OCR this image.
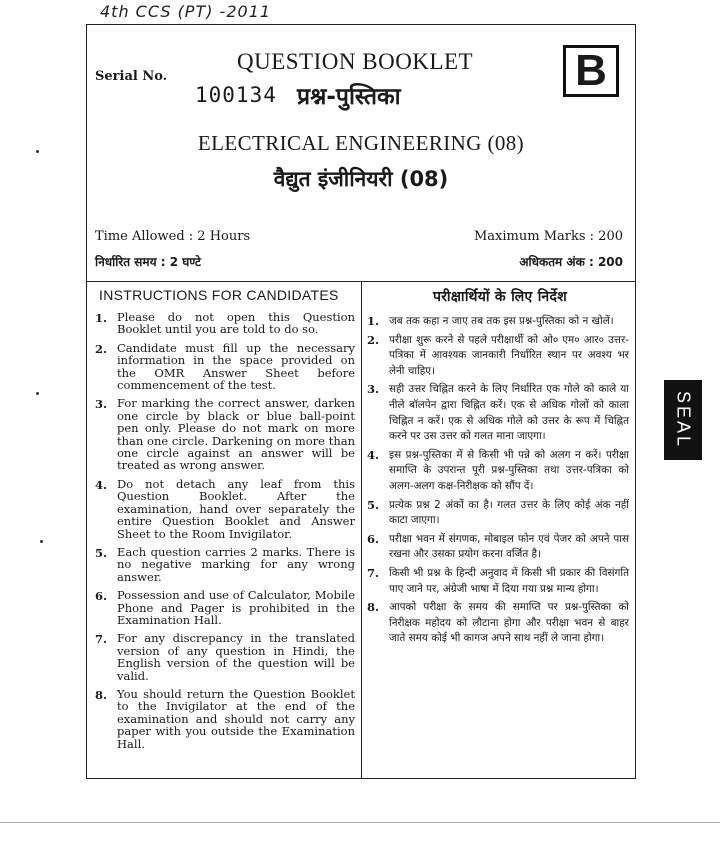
4th CCS (PT) -2011
Serial No.
QUESTION BOOKLET
100134 प्रश्न-पुस्तिका
B
ELECTRICAL ENGINEERING (08)
वैद्युत इंजीनियरी (08)
Time Allowed : 2 Hours
निर्धारित समय : 2 घण्टे
Maximum Marks : 200
अधिकतम अंक : 200
INSTRUCTIONS FOR CANDIDATES
1. Please do not open this Question Booklet until you are told to do so.
2. Candidate must fill up the necessary information in the space provided on the OMR Answer Sheet before commencement of the test.
3. For marking the correct answer, darken one circle by black or blue ball-point pen only. Please do not mark on more than one circle. Darkening on more than one circle against an answer will be treated as wrong answer.
4. Do not detach any leaf from this Question Booklet. After the examination, hand over separately the entire Question Booklet and Answer Sheet to the Room Invigilator.
5. Each question carries 2 marks. There is no negative marking for any wrong answer.
6. Possession and use of Calculator, Mobile Phone and Pager is prohibited in the Examination Hall.
7. For any discrepancy in the translated version of any question in Hindi, the English version of the question will be valid.
8. You should return the Question Booklet to the Invigilator at the end of the examination and should not carry any paper with you outside the Examination Hall.
परीक्षार्थियों के लिए निर्देश
1. जब तक कहा न जाए तब तक इस प्रश्न-पुस्तिका को न खोलें।
2. परीक्षा शुरू करने से पहले परीक्षार्थी को ओ० एम० आर० उत्तर-पत्रिका में आवश्यक जानकारी निर्धारित स्थान पर अवश्य भर लेनी चाहिए।
3. सही उत्तर चिह्नित करने के लिए निर्धारित एक गोले को काले या नीले बॉलपेन द्वारा चिह्नित करें। एक से अधिक गोलों को काला चिह्नित न करें। एक से अधिक गोले को उत्तर के रूप में चिह्नित करने पर उस उत्तर को गलत माना जाएगा।
4. इस प्रश्न-पुस्तिका में से किसी भी पन्ने को अलग न करें। परीक्षा समाप्ति के उपरान्त पूरी प्रश्न-पुस्तिका तथा उत्तर-पत्रिका को अलग-अलग कक्ष-निरीक्षक को सौंप दें।
5. प्रत्येक प्रश्न 2 अंकों का है। गलत उत्तर के लिए कोई अंक नहीं काटा जाएगा।
6. परीक्षा भवन में संगणक, मोबाइल फोन एवं पेजर को अपने पास रखना और उसका प्रयोग करना वर्जित है।
7. किसी भी प्रश्न के हिन्दी अनुवाद में किसी भी प्रकार की विसंगति पाए जाने पर, अंग्रेजी भाषा में दिया गया प्रश्न मान्य होगा।
8. आपको परीक्षा के समय की समाप्ति पर प्रश्न-पुस्तिका को निरीक्षक महोदय को लौटाना होगा और परीक्षा भवन से बाहर जाते समय कोई भी कागज अपने साथ नहीं ले जाना होगा।
SEAL
